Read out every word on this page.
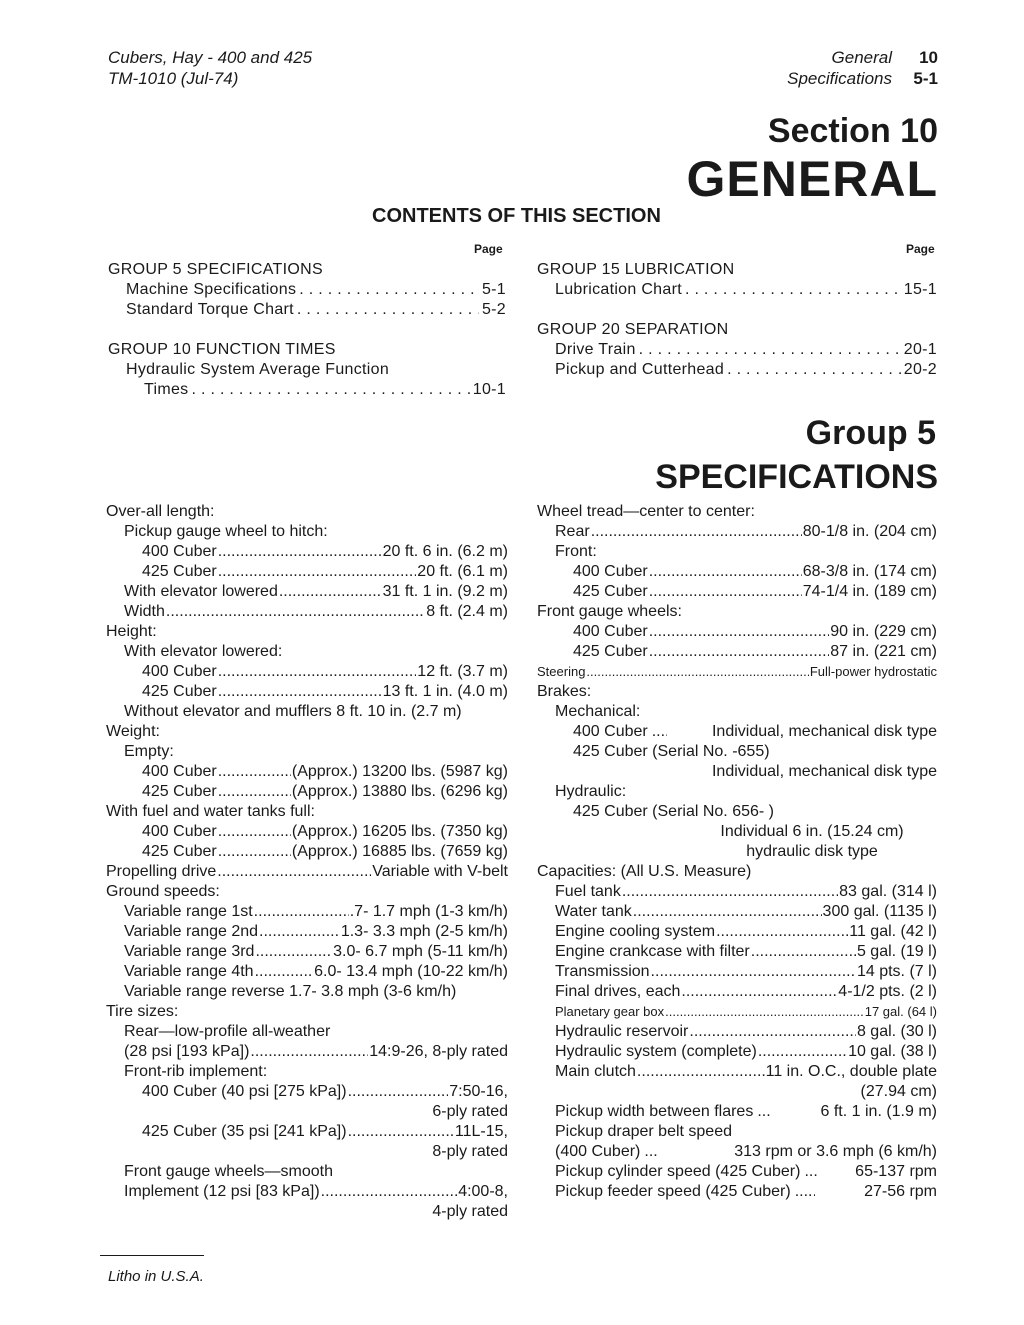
Cubers, Hay - 400 and 425
TM-1010 (Jul-74)
General 10
Specifications 5-1
Section 10
GENERAL
CONTENTS OF THIS SECTION
Page	Page
GROUP 5 SPECIFICATIONS
Machine Specifications . . .	5-1
Standard Torque Chart . . .	5-2
GROUP 10 FUNCTION TIMES
Hydraulic System Average Function
Times . . .	10-1
GROUP 15 LUBRICATION
Lubrication Chart . . .	15-1
GROUP 20 SEPARATION
Drive Train . . .	20-1
Pickup and Cutterhead . . .	20-2
Group 5
SPECIFICATIONS
Over-all length:
Pickup gauge wheel to hitch:
400 Cuber .....	20 ft. 6 in. (6.2 m)
425 Cuber .....	20 ft. (6.1 m)
With elevator lowered .....	31 ft. 1 in. (9.2 m)
Width .....	8 ft. (2.4 m)
Height:
With elevator lowered:
400 Cuber .....	12 ft. (3.7 m)
425 Cuber .....	13 ft. 1 in. (4.0 m)
Without elevator and mufflers 8 ft. 10 in. (2.7 m)
Weight:
Empty:
400 Cuber .....	(Approx.) 13200 lbs. (5987 kg)
425 Cuber .....	(Approx.) 13880 lbs. (6296 kg)
With fuel and water tanks full:
400 Cuber .....	(Approx.) 16205 lbs. (7350 kg)
425 Cuber .....	(Approx.) 16885 lbs. (7659 kg)
Propelling drive .....	Variable with V-belt
Ground speeds:
Variable range 1st .....	.7- 1.7 mph (1-3 km/h)
Variable range 2nd .....	1.3- 3.3 mph (2-5 km/h)
Variable range 3rd .....	3.0- 6.7 mph (5-11 km/h)
Variable range 4th .....	6.0- 13.4 mph (10-22 km/h)
Variable range reverse 1.7- 3.8 mph (3-6 km/h)
Tire sizes:
Rear—low-profile all-weather
(28 psi [193 kPa]) .....	14:9-26, 8-ply rated
Front-rib implement:
400 Cuber (40 psi [275 kPa]) .....	7:50-16,
6-ply rated
425 Cuber (35 psi [241 kPa]) .....	11L-15,
8-ply rated
Front gauge wheels—smooth
Implement (12 psi [83 kPa]) .....	4:00-8,
4-ply rated
Wheel tread—center to center:
Rear .....	80-1/8 in. (204 cm)
Front:
400 Cuber .....	68-3/8 in. (174 cm)
425 Cuber .....	74-1/4 in. (189 cm)
Front gauge wheels:
400 Cuber .....	90 in. (229 cm)
425 Cuber .....	87 in. (221 cm)
Steering .....	Full-power hydrostatic
Brakes:
Mechanical:
400 Cuber .....	Individual, mechanical disk type
425 Cuber (Serial No. -655)
Individual, mechanical disk type
Hydraulic:
425 Cuber (Serial No. 656- )
Individual 6 in. (15.24 cm)
hydraulic disk type
Capacities: (All U.S. Measure)
Fuel tank .....	83 gal. (314 l)
Water tank .....	300 gal. (1135 l)
Engine cooling system .....	11 gal. (42 l)
Engine crankcase with filter .....	5 gal. (19 l)
Transmission .....	14 pts. (7 l)
Final drives, each .....	4-1/2 pts. (2 l)
Planetary gear box .....	17 gal. (64 l)
Hydraulic reservoir .....	8 gal. (30 l)
Hydraulic system (complete) .....	10 gal. (38 l)
Main clutch .....	11 in. O.C., double plate
(27.94 cm)
Pickup width between flares .....	6 ft. 1 in. (1.9 m)
Pickup draper belt speed
(400 Cuber) .....	313 rpm or 3.6 mph (6 km/h)
Pickup cylinder speed (425 Cuber) .....	65-137 rpm
Pickup feeder speed (425 Cuber) .....	27-56 rpm
Litho in U.S.A.
